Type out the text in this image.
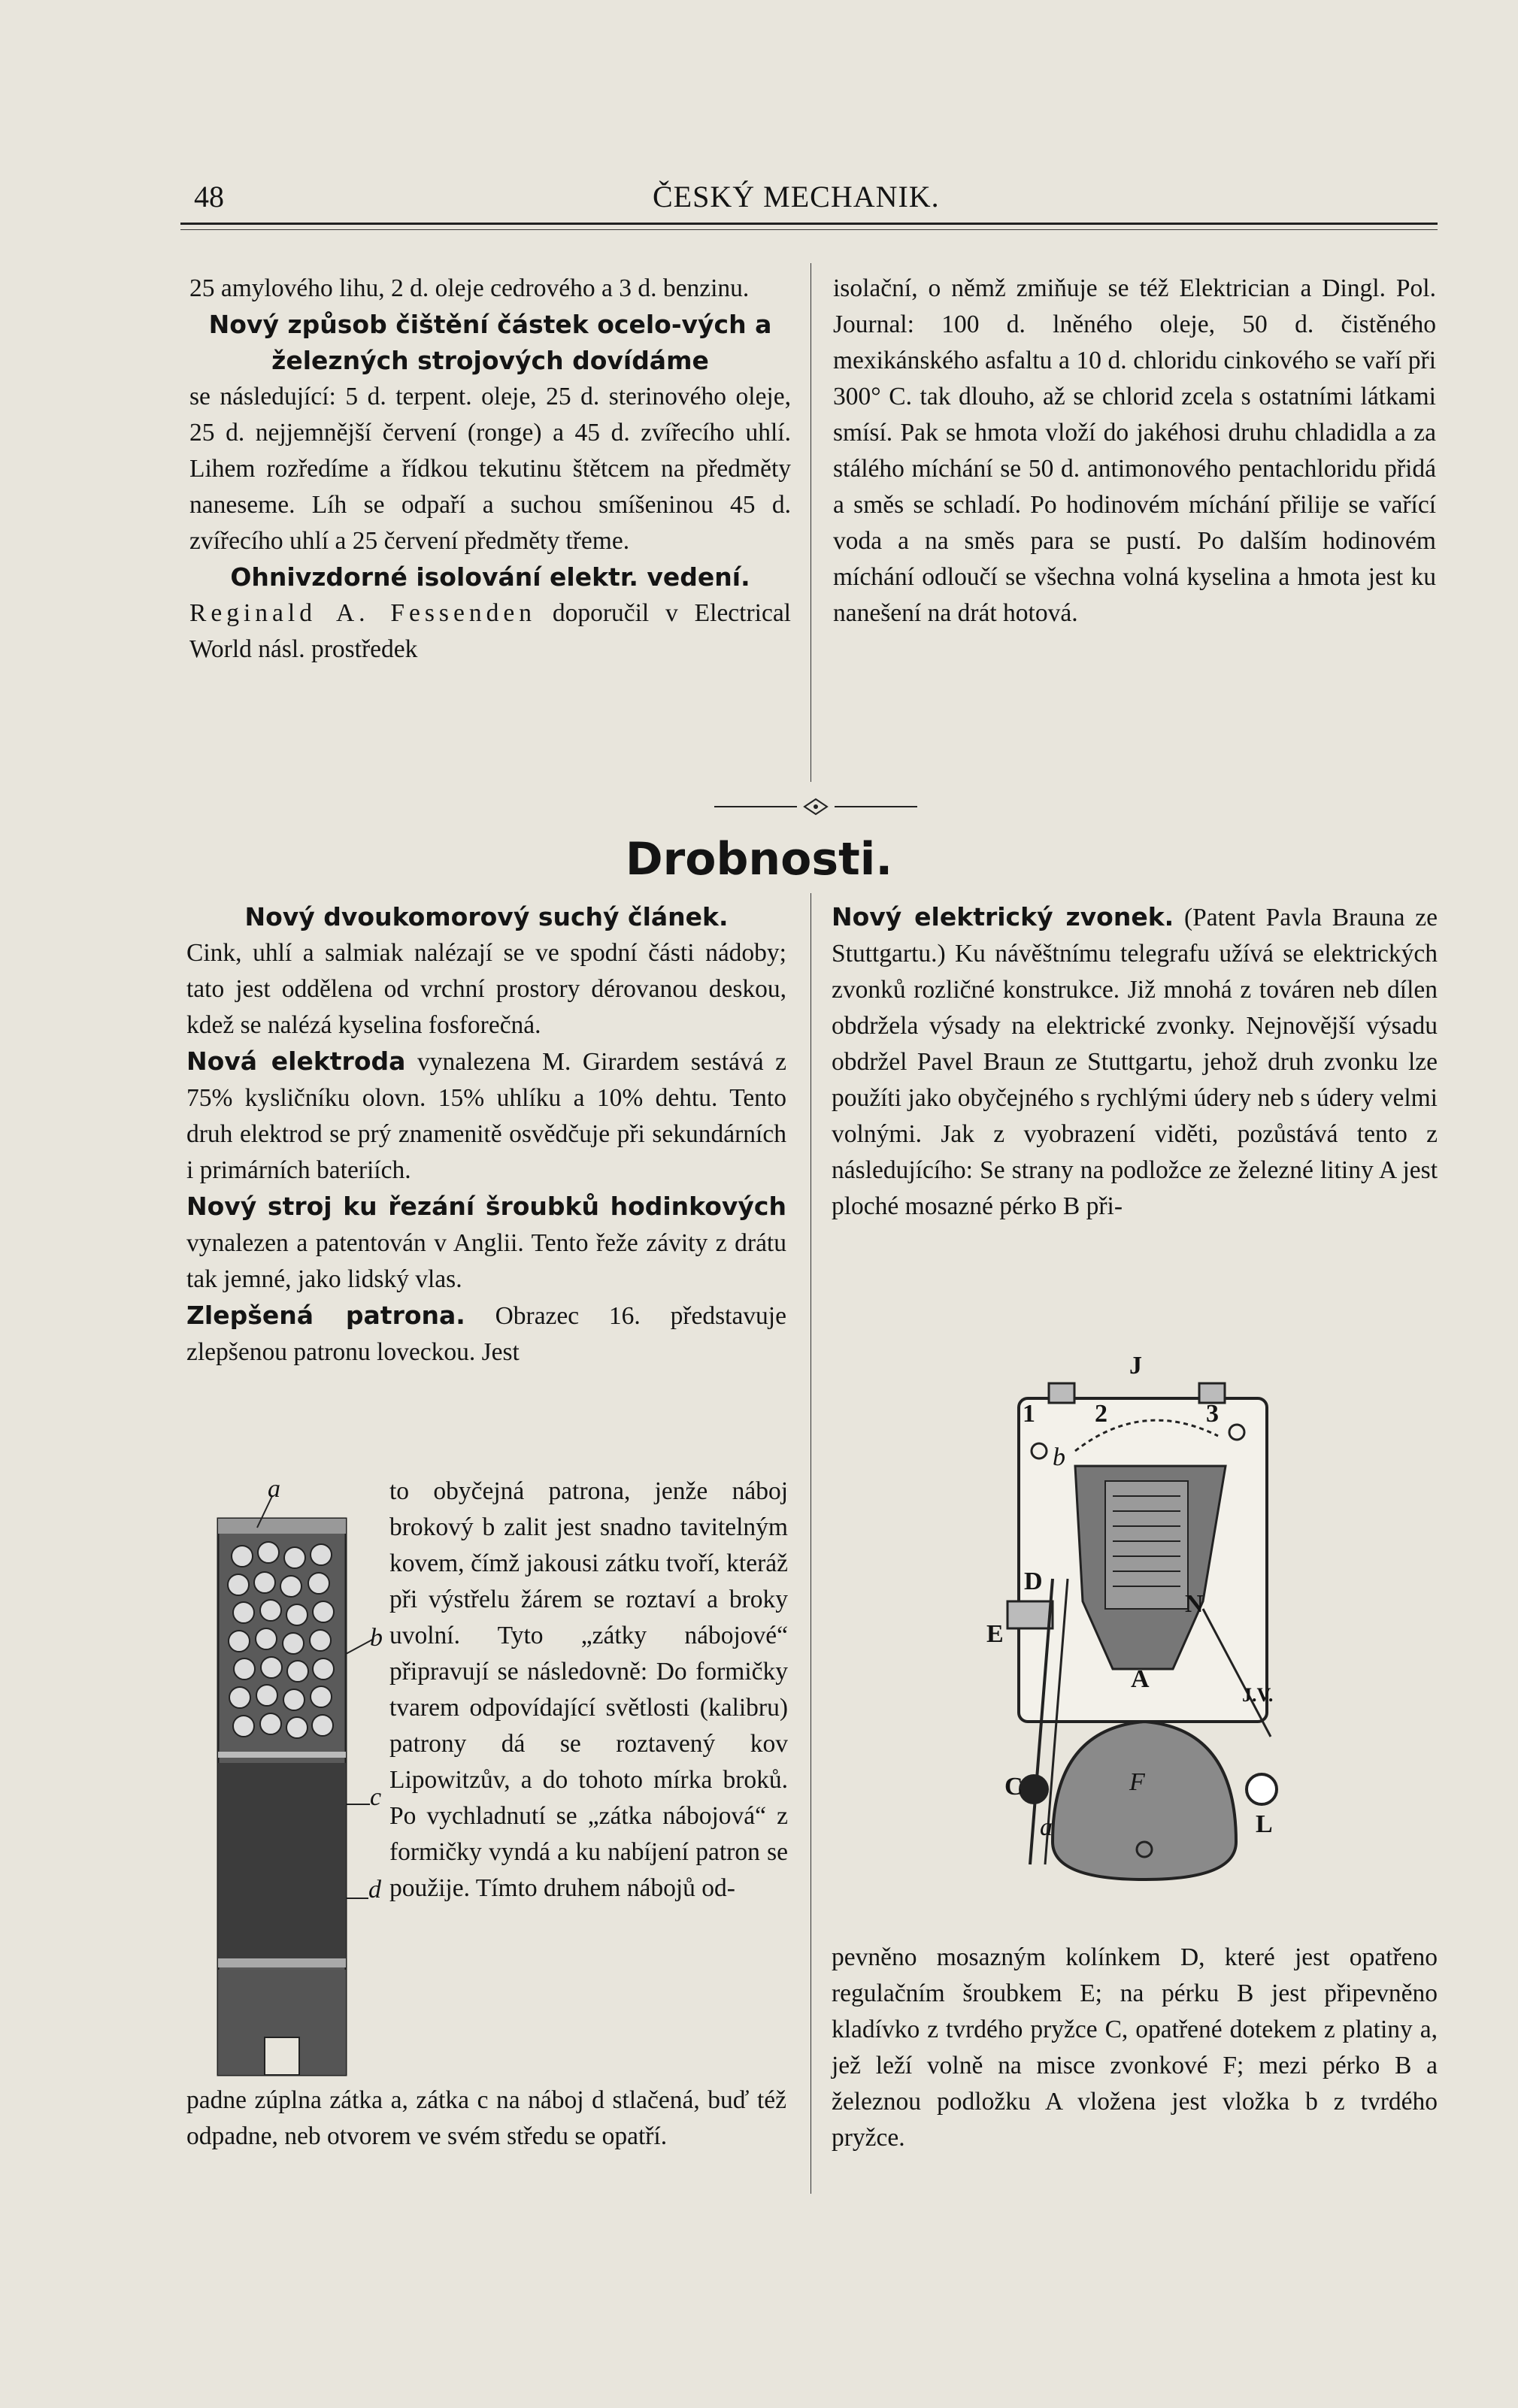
48	ČESKÝ MECHANIK.

25 amylového lihu, 2 d. oleje cedrového a 3 d. benzinu.

Nový způsob čištění částek ocelo-vých a železných strojových dovídáme

se následující: 5 d. terpent. oleje, 25 d. sterinového oleje, 25 d. nejjemnější červení (ronge) a 45 d. zvířecího uhlí. Lihem rozředíme a řídkou tekutinu štětcem na předměty naneseme. Líh se odpaří a suchou smíšeninou 45 d. zvířecího uhlí a 25 červení předměty třeme.

Ohnivzdorné isolování elektr. vedení.

Reginald A. Fessenden doporučil v Electrical World násl. prostředek

isolační, o němž zmiňuje se též Elektrician a Dingl. Pol. Journal: 100 d. lněného oleje, 50 d. čistěného mexikánského asfaltu a 10 d. chloridu cinkového se vaří při 300° C. tak dlouho, až se chlorid zcela s ostatními látkami smísí. Pak se hmota vloží do jakéhosi druhu chladidla a za stálého míchání se 50 d. antimonového pentachloridu přidá a směs se schladí. Po hodinovém míchání přilije se vařící voda a na směs para se pustí. Po dalším hodinovém míchání odloučí se všechna volná kyselina a hmota jest ku nanešení na drát hotová.

Drobnosti.

Nový dvoukomorový suchý článek.

Cink, uhlí a salmiak nalézají se ve spodní části nádoby; tato jest oddělena od vrchní prostory dérovanou deskou, kdež se nalézá kyselina fosforečná.

Nová elektroda vynalezena M. Girardem sestává z 75% kysličníku olovn. 15% uhlíku a 10% dehtu. Tento druh elektrod se prý znamenitě osvědčuje při sekundárních i primárních bateriích.

Nový stroj ku řezání šroubků hodinkových vynalezen a patentován v Anglii. Tento řeže závity z drátu tak jemné, jako lidský vlas.

Zlepšená patrona. Obrazec 16. představuje zlepšenou patronu loveckou. Jest

a
b
c
d

to obyčejná patrona, jenže náboj brokový b zalit jest snadno tavitelným kovem, čímž jakousi zátku tvoří, kteráž při výstřelu žárem se roztaví a broky uvolní. Tyto „zátky nábojové“ připravují se následovně: Do formičky tvarem odpovídající světlosti (kalibru) patrony dá se roztavený kov Lipowitzův, a do tohoto mírka broků. Po vychladnutí se „zátka nábojová“ z formičky vyndá a ku nabíjení patron se použije. Tímto druhem nábojů od-

padne zúplna zátka a, zátka c na náboj d stlačená, buď též odpadne, neb otvorem ve svém středu se opatří.

Nový elektrický zvonek. (Patent Pavla Brauna ze Stuttgartu.) Ku návěštnímu telegrafu užívá se elektrických zvonků rozličné konstrukce. Již mnohá z továren neb dílen obdržela výsady na elektrické zvonky. Nejnovější výsadu obdržel Pavel Braun ze Stuttgartu, jehož druh zvonku lze použíti jako obyčejného s rychlými údery neb s údery velmi volnými. Jak z vyobrazení viděti, pozůstává tento z následujícího: Se strany na podložce ze železné litiny A jest ploché mosazné pérko B při-

J
1 2	3
b
D
E
N
A
J.V.
C	F
a	L

pevněno mosazným kolínkem D, které jest opatřeno regulačním šroubkem E; na pérku B jest připevněno kladívko z tvrdého pryžce C, opatřené dotekem z platiny a, jež leží volně na misce zvonkové F; mezi pérko B a železnou podložku A vložena jest vložka b z tvrdého pryžce.
